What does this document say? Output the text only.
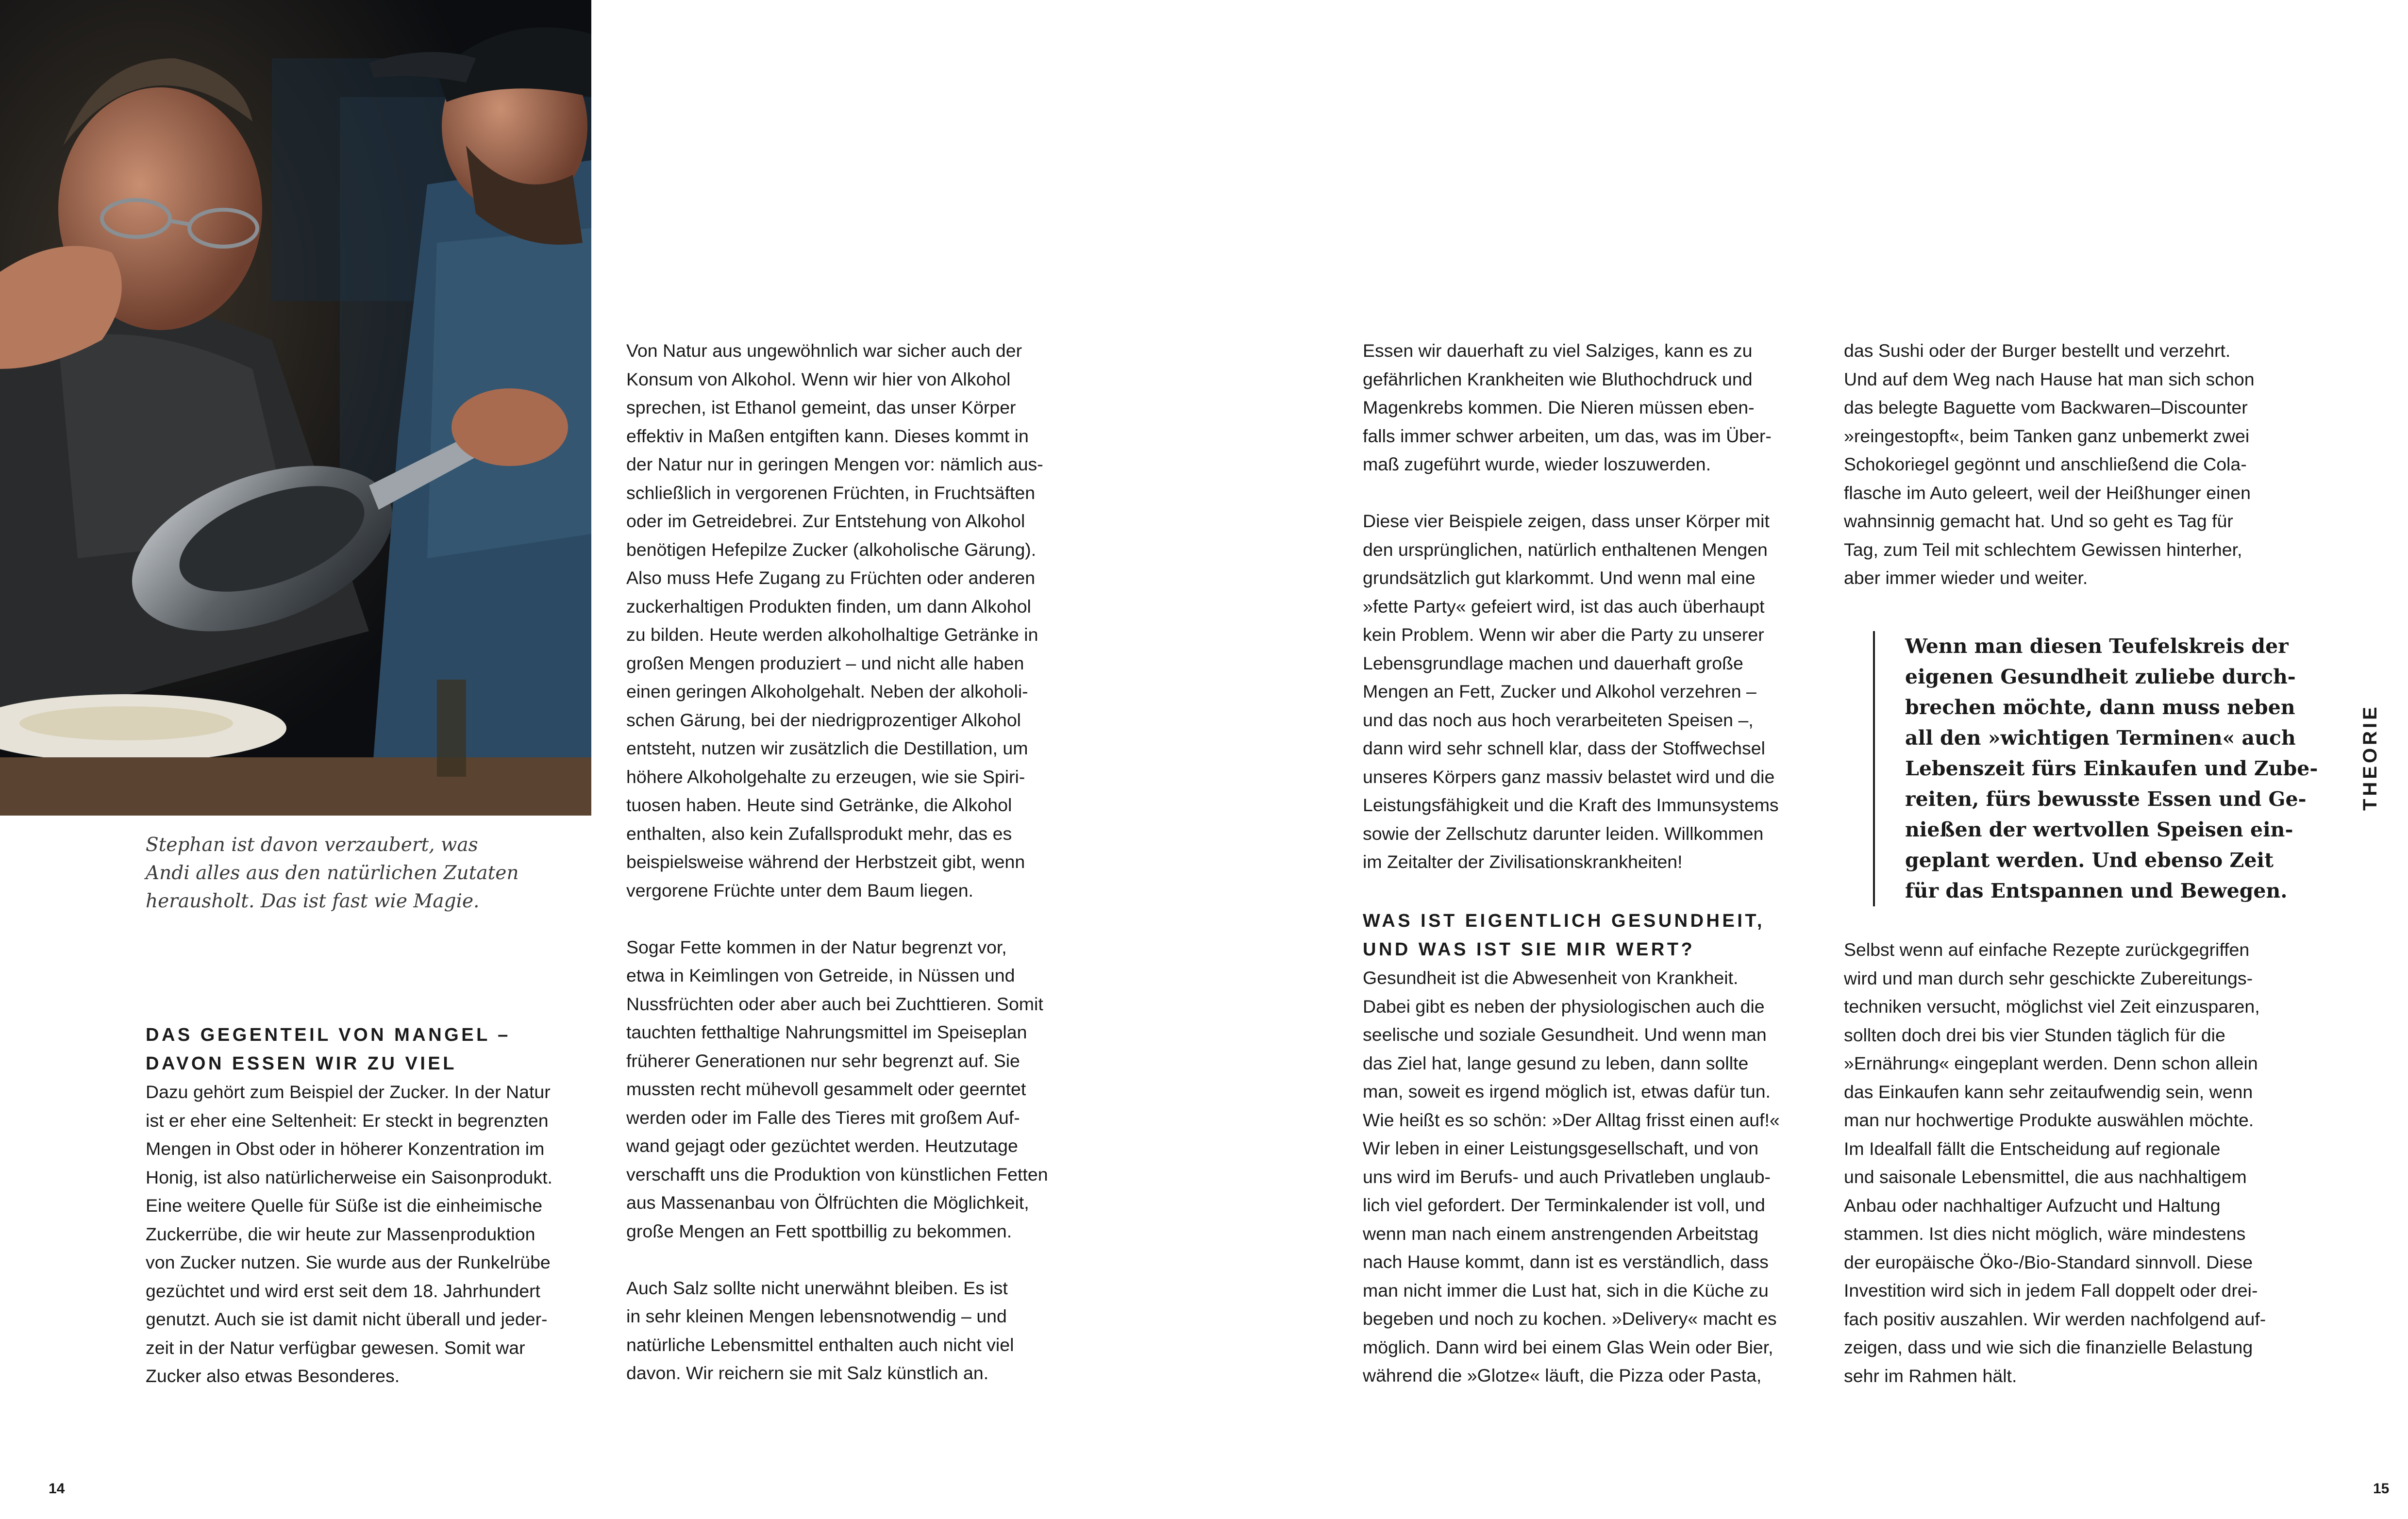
Stephan ist davon verzaubert, was
Andi alles aus den natürlichen Zutaten
herausholt. Das ist fast wie Magie.
DAS GEGENTEIL VON MANGEL –
DAVON ESSEN WIR ZU VIEL
Dazu gehört zum Beispiel der Zucker. In der Natur
ist er eher eine Seltenheit: Er steckt in begrenzten
Mengen in Obst oder in höherer Konzentration im
Honig, ist also natürlicherweise ein Saisonprodukt.
Eine weitere Quelle für Süße ist die einheimische
Zuckerrübe, die wir heute zur Massenproduktion
von Zucker nutzen. Sie wurde aus der Runkelrübe
gezüchtet und wird erst seit dem 18. Jahrhundert
genutzt. Auch sie ist damit nicht überall und jeder-
zeit in der Natur verfügbar gewesen. Somit war
Zucker also etwas Besonderes.
Von Natur aus ungewöhnlich war sicher auch der
Konsum von Alkohol. Wenn wir hier von Alkohol
sprechen, ist Ethanol gemeint, das unser Körper
effektiv in Maßen entgiften kann. Dieses kommt in
der Natur nur in geringen Mengen vor: nämlich aus-
schließlich in vergorenen Früchten, in Fruchtsäften
oder im Getreidebrei. Zur Entstehung von Alkohol
benötigen Hefepilze Zucker (alkoholische Gärung).
Also muss Hefe Zugang zu Früchten oder anderen
zuckerhaltigen Produkten finden, um dann Alkohol
zu bilden. Heute werden alkoholhaltige Getränke in
großen Mengen produziert – und nicht alle haben
einen geringen Alkoholgehalt. Neben der alkoholi-
schen Gärung, bei der niedrigprozentiger Alkohol
entsteht, nutzen wir zusätzlich die Destillation, um
höhere Alkoholgehalte zu erzeugen, wie sie Spiri-
tuosen haben. Heute sind Getränke, die Alkohol
enthalten, also kein Zufallsprodukt mehr, das es
beispielsweise während der Herbstzeit gibt, wenn
vergorene Früchte unter dem Baum liegen.
Sogar Fette kommen in der Natur begrenzt vor,
etwa in Keimlingen von Getreide, in Nüssen und
Nussfrüchten oder aber auch bei Zuchttieren. Somit
tauchten fetthaltige Nahrungsmittel im Speiseplan
früherer Generationen nur sehr begrenzt auf. Sie
mussten recht mühevoll gesammelt oder geerntet
werden oder im Falle des Tieres mit großem Auf-
wand gejagt oder gezüchtet werden. Heutzutage
verschafft uns die Produktion von künstlichen Fetten
aus Massenanbau von Ölfrüchten die Möglichkeit,
große Mengen an Fett spottbillig zu bekommen.
Auch Salz sollte nicht unerwähnt bleiben. Es ist
in sehr kleinen Mengen lebensnotwendig – und
natürliche Lebensmittel enthalten auch nicht viel
davon. Wir reichern sie mit Salz künstlich an.
Essen wir dauerhaft zu viel Salziges, kann es zu
gefährlichen Krankheiten wie Bluthochdruck und
Magenkrebs kommen. Die Nieren müssen eben-
falls immer schwer arbeiten, um das, was im Über-
maß zugeführt wurde, wieder loszuwerden.
Diese vier Beispiele zeigen, dass unser Körper mit
den ursprünglichen, natürlich enthaltenen Mengen
grundsätzlich gut klarkommt. Und wenn mal eine
»fette Party« gefeiert wird, ist das auch überhaupt
kein Problem. Wenn wir aber die Party zu unserer
Lebensgrundlage machen und dauerhaft große
Mengen an Fett, Zucker und Alkohol verzehren –
und das noch aus hoch verarbeiteten Speisen –,
dann wird sehr schnell klar, dass der Stoffwechsel
unseres Körpers ganz massiv belastet wird und die
Leistungsfähigkeit und die Kraft des Immunsystems
sowie der Zellschutz darunter leiden. Willkommen
im Zeitalter der Zivilisationskrankheiten!
WAS IST EIGENTLICH GESUNDHEIT,
UND WAS IST SIE MIR WERT?
Gesundheit ist die Abwesenheit von Krankheit.
Dabei gibt es neben der physiologischen auch die
seelische und soziale Gesundheit. Und wenn man
das Ziel hat, lange gesund zu leben, dann sollte
man, soweit es irgend möglich ist, etwas dafür tun.
Wie heißt es so schön: »Der Alltag frisst einen auf!«
Wir leben in einer Leistungsgesellschaft, und von
uns wird im Berufs- und auch Privatleben unglaub-
lich viel gefordert. Der Terminkalender ist voll, und
wenn man nach einem anstrengenden Arbeitstag
nach Hause kommt, dann ist es verständlich, dass
man nicht immer die Lust hat, sich in die Küche zu
begeben und noch zu kochen. »Delivery« macht es
möglich. Dann wird bei einem Glas Wein oder Bier,
während die »Glotze« läuft, die Pizza oder Pasta,
das Sushi oder der Burger bestellt und verzehrt.
Und auf dem Weg nach Hause hat man sich schon
das belegte Baguette vom Backwaren–Discounter
»reingestopft«, beim Tanken ganz unbemerkt zwei
Schokoriegel gegönnt und anschließend die Cola-
flasche im Auto geleert, weil der Heißhunger einen
wahnsinnig gemacht hat. Und so geht es Tag für
Tag, zum Teil mit schlechtem Gewissen hinterher,
aber immer wieder und weiter.
Wenn man diesen Teufelskreis der
eigenen Gesundheit zuliebe durch-
brechen möchte, dann muss neben
all den »wichtigen Terminen« auch
Lebenszeit fürs Einkaufen und Zube-
reiten, fürs bewusste Essen und Ge-
nießen der wertvollen Speisen ein-
geplant werden. Und ebenso Zeit
für das Entspannen und Bewegen.
Selbst wenn auf einfache Rezepte zurückgegriffen
wird und man durch sehr geschickte Zubereitungs-
techniken versucht, möglichst viel Zeit einzusparen,
sollten doch drei bis vier Stunden täglich für die
»Ernährung« eingeplant werden. Denn schon allein
das Einkaufen kann sehr zeitaufwendig sein, wenn
man nur hochwertige Produkte auswählen möchte.
Im Idealfall fällt die Entscheidung auf regionale
und saisonale Lebensmittel, die aus nachhaltigem
Anbau oder nachhaltiger Aufzucht und Haltung
stammen. Ist dies nicht möglich, wäre mindestens
der europäische Öko-/Bio-Standard sinnvoll. Diese
Investition wird sich in jedem Fall doppelt oder drei-
fach positiv auszahlen. Wir werden nachfolgend auf-
zeigen, dass und wie sich die finanzielle Belastung
sehr im Rahmen hält.
THEORIE
14	15
